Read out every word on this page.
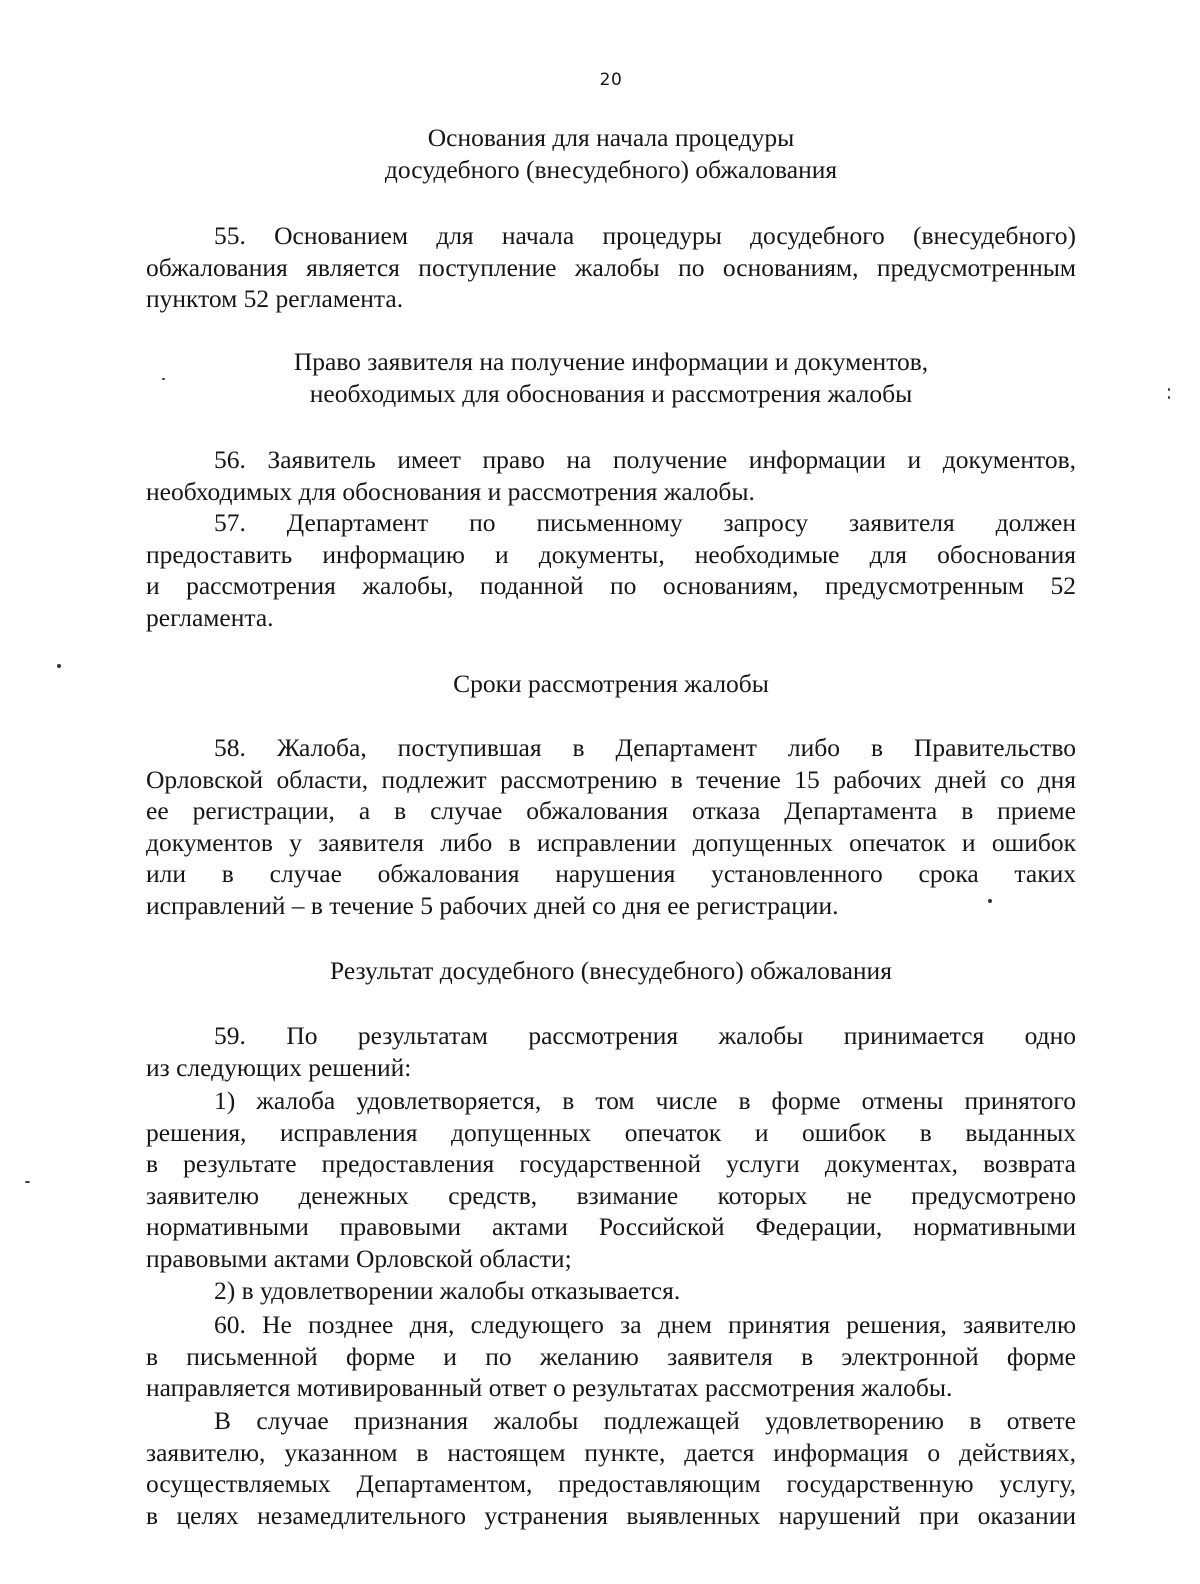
20
Основания для начала процедуры
досудебного (внесудебного) обжалования

55. Основанием для начала процедуры досудебного (внесудебного)

обжалования является поступление жалобы по основаниям, предусмотренным

пунктом 52 регламента.

Право заявителя на получение информации и документов,
необходимых для обоснования и рассмотрения жалобы

56. Заявитель имеет право на получение информации и документов,

необходимых для обоснования и рассмотрения жалобы.

57. Департамент по письменному запросу заявителя должен

предоставить информацию и документы, необходимые для обоснования

и рассмотрения жалобы, поданной по основаниям, предусмотренным 52

регламента.

Сроки рассмотрения жалобы

58. Жалоба, поступившая в Департамент либо в Правительство

Орловской области, подлежит рассмотрению в течение 15 рабочих дней со дня

ее регистрации, а в случае обжалования отказа Департамента в приеме

документов у заявителя либо в исправлении допущенных опечаток и ошибок

или в случае обжалования нарушения установленного срока таких

исправлений – в течение 5 рабочих дней со дня ее регистрации.

Результат досудебного (внесудебного) обжалования

59. По результатам рассмотрения жалобы принимается одно

из следующих решений:

1) жалоба удовлетворяется, в том числе в форме отмены принятого

решения, исправления допущенных опечаток и ошибок в выданных

в результате предоставления государственной услуги документах, возврата

заявителю денежных средств, взимание которых не предусмотрено

нормативными правовыми актами Российской Федерации, нормативными

правовыми актами Орловской области;

2) в удовлетворении жалобы отказывается.

60. Не позднее дня, следующего за днем принятия решения, заявителю

в письменной форме и по желанию заявителя в электронной форме

направляется мотивированный ответ о результатах рассмотрения жалобы.

В случае признания жалобы подлежащей удовлетворению в ответе

заявителю, указанном в настоящем пункте, дается информация о действиях,

осуществляемых Департаментом, предоставляющим государственную услугу,

в целях незамедлительного устранения выявленных нарушений при оказании
